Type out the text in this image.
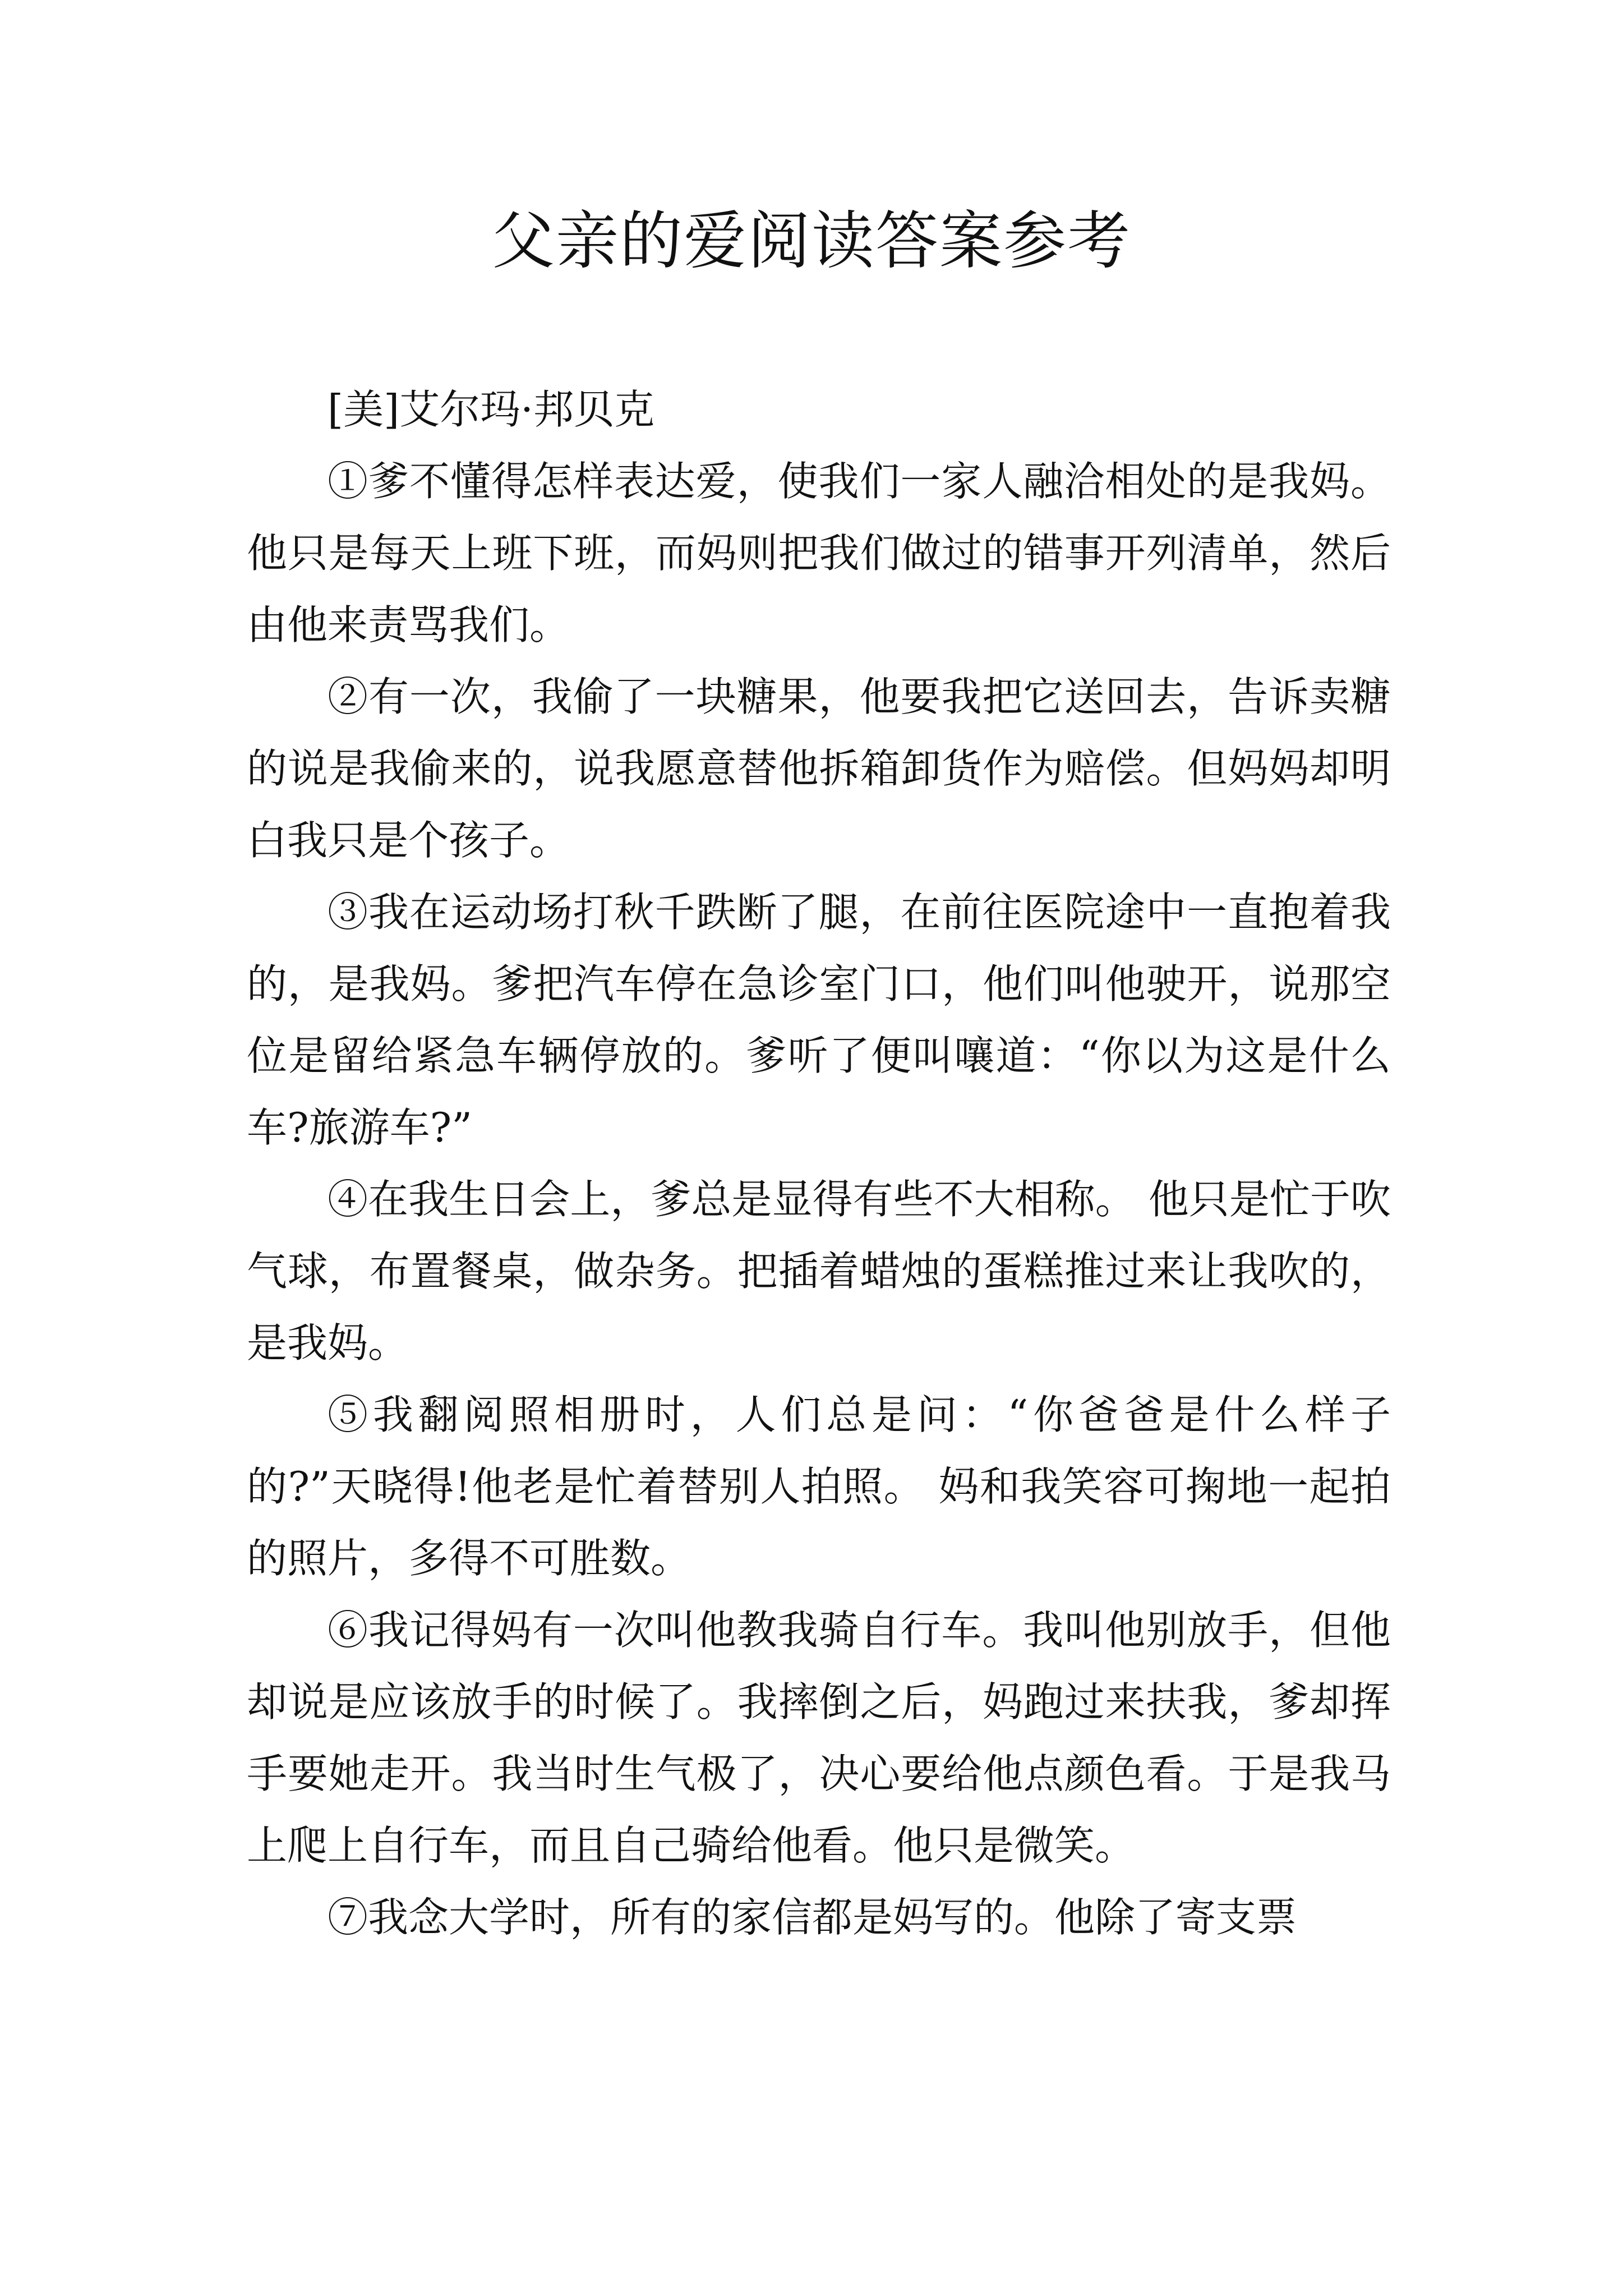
父亲的爱阅读答案参考

[美]艾尔玛·邦贝克

①爹不懂得怎样表达爱，使我们一家人融洽相处的是我妈。他只是每天上班下班，而妈则把我们做过的错事开列清单，然后由他来责骂我们。

②有一次，我偷了一块糖果，他要我把它送回去，告诉卖糖的说是我偷来的，说我愿意替他拆箱卸货作为赔偿。但妈妈却明白我只是个孩子。

③我在运动场打秋千跌断了腿，在前往医院途中一直抱着我的，是我妈。爹把汽车停在急诊室门口，他们叫他驶开，说那空位是留给紧急车辆停放的。爹听了便叫嚷道：“你以为这是什么车?旅游车?”

④在我生日会上，爹总是显得有些不大相称。 他只是忙于吹气球，布置餐桌，做杂务。把插着蜡烛的蛋糕推过来让我吹的，是我妈。

⑤我翻阅照相册时，人们总是问：“你爸爸是什么样子的?”天晓得!他老是忙着替别人拍照。 妈和我笑容可掬地一起拍的照片，多得不可胜数。

⑥我记得妈有一次叫他教我骑自行车。我叫他别放手，但他却说是应该放手的时候了。我摔倒之后，妈跑过来扶我，爹却挥手要她走开。我当时生气极了，决心要给他点颜色看。于是我马上爬上自行车，而且自己骑给他看。他只是微笑。

⑦我念大学时，所有的家信都是妈写的。他除了寄支票
